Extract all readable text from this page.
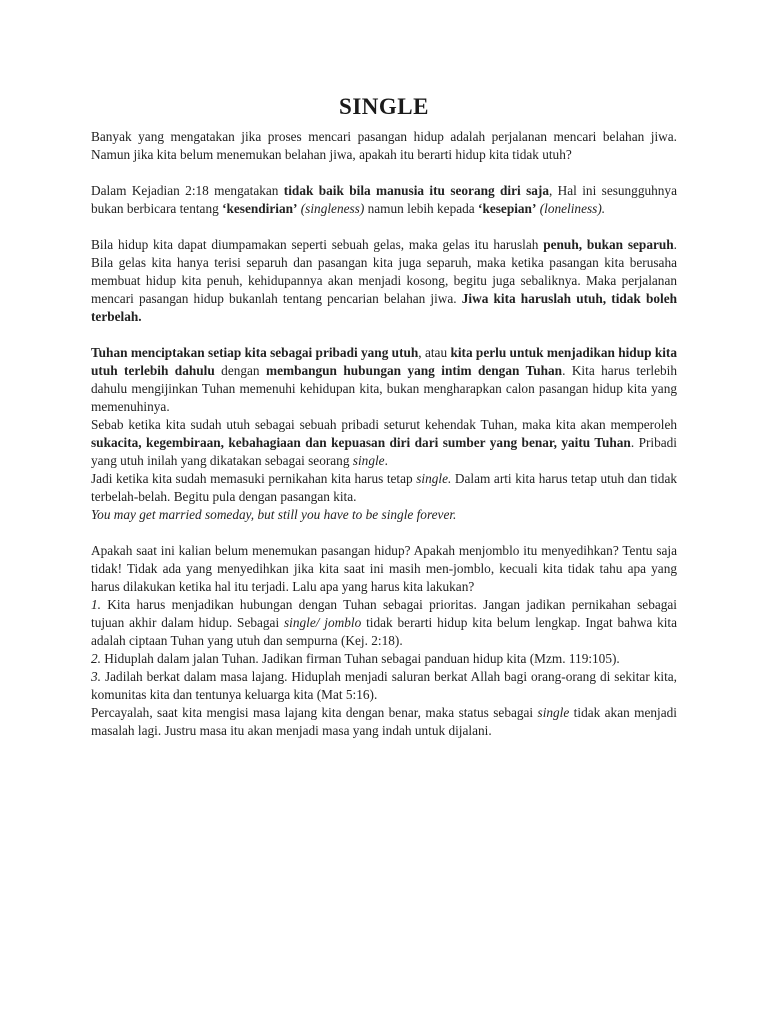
SINGLE

Banyak yang mengatakan jika proses mencari pasangan hidup adalah perjalanan mencari belahan jiwa. Namun jika kita belum menemukan belahan jiwa, apakah itu berarti hidup kita tidak utuh?

Dalam Kejadian 2:18 mengatakan tidak baik bila manusia itu seorang diri saja, Hal ini sesungguhnya bukan berbicara tentang ‘kesendirian’ (singleness) namun lebih kepada ‘kesepian’ (loneliness).

Bila hidup kita dapat diumpamakan seperti sebuah gelas, maka gelas itu haruslah penuh, bukan separuh. Bila gelas kita hanya terisi separuh dan pasangan kita juga separuh, maka ketika pasangan kita berusaha membuat hidup kita penuh, kehidupannya akan menjadi kosong, begitu juga sebaliknya. Maka perjalanan mencari pasangan hidup bukanlah tentang pencarian belahan jiwa. Jiwa kita haruslah utuh, tidak boleh terbelah.

Tuhan menciptakan setiap kita sebagai pribadi yang utuh, atau kita perlu untuk menjadikan hidup kita utuh terlebih dahulu dengan membangun hubungan yang intim dengan Tuhan. Kita harus terlebih dahulu mengijinkan Tuhan memenuhi kehidupan kita, bukan mengharapkan calon pasangan hidup kita yang memenuhinya.

Sebab ketika kita sudah utuh sebagai sebuah pribadi seturut kehendak Tuhan, maka kita akan memperoleh sukacita, kegembiraan, kebahagiaan dan kepuasan diri dari sumber yang benar, yaitu Tuhan. Pribadi yang utuh inilah yang dikatakan sebagai seorang single.

Jadi ketika kita sudah memasuki pernikahan kita harus tetap single. Dalam arti kita harus tetap utuh dan tidak terbelah-belah. Begitu pula dengan pasangan kita.

You may get married someday, but still you have to be single forever.

Apakah saat ini kalian belum menemukan pasangan hidup? Apakah menjomblo itu menyedihkan? Tentu saja tidak! Tidak ada yang menyedihkan jika kita saat ini masih men-jomblo, kecuali kita tidak tahu apa yang harus dilakukan ketika hal itu terjadi. Lalu apa yang harus kita lakukan?

1. Kita harus menjadikan hubungan dengan Tuhan sebagai prioritas. Jangan jadikan pernikahan sebagai tujuan akhir dalam hidup. Sebagai single/ jomblo tidak berarti hidup kita belum lengkap. Ingat bahwa kita adalah ciptaan Tuhan yang utuh dan sempurna (Kej. 2:18).

2. Hiduplah dalam jalan Tuhan. Jadikan firman Tuhan sebagai panduan hidup kita (Mzm. 119:105).

3. Jadilah berkat dalam masa lajang. Hiduplah menjadi saluran berkat Allah bagi orang-orang di sekitar kita, komunitas kita dan tentunya keluarga kita (Mat 5:16).

Percayalah, saat kita mengisi masa lajang kita dengan benar, maka status sebagai single tidak akan menjadi masalah lagi. Justru masa itu akan menjadi masa yang indah untuk dijalani.
